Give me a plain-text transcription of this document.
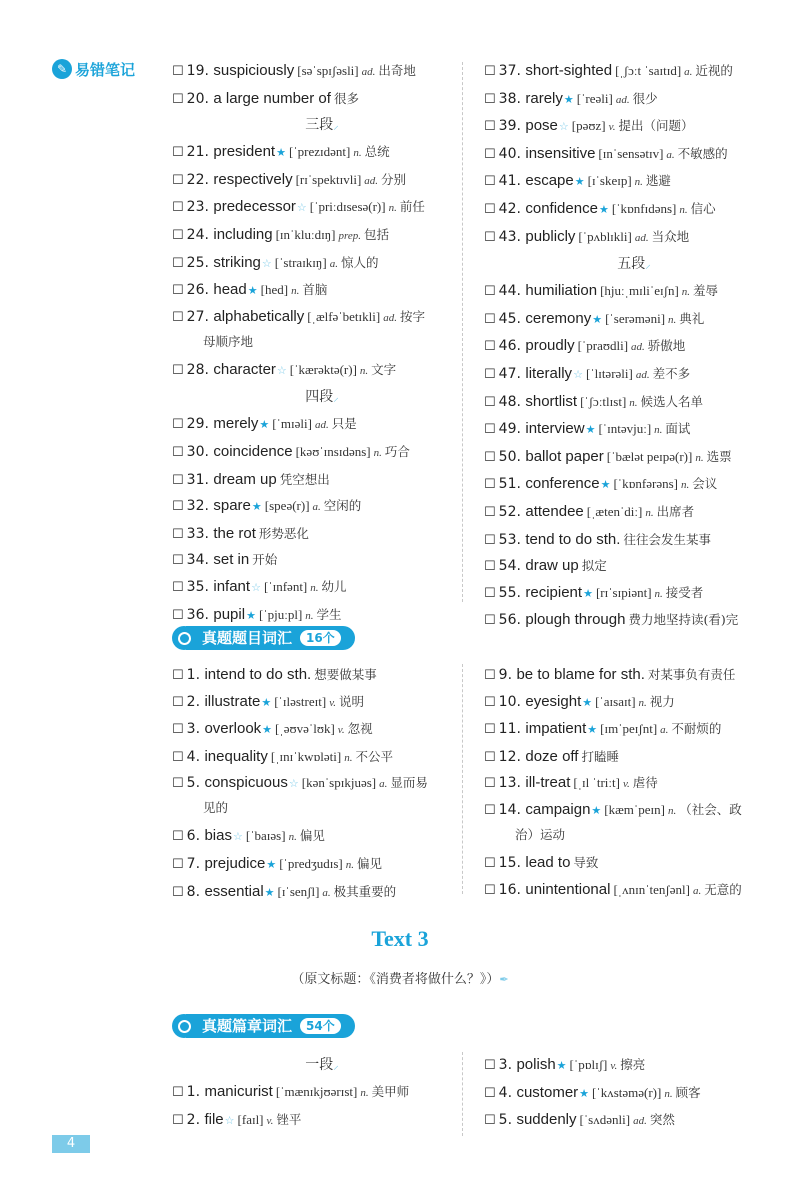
✎ 易错笔记	☐ 19. suspiciously [səˈspɪʃəsli] ad. 出奇地
☐ 20. a large number of 很多
三段⸝
☐ 21. president★ [ˈprezɪdənt] n. 总统
☐ 22. respectively [rɪˈspektɪvli] ad. 分别
☐ 23. predecessor☆ [ˈpriːdɪsesə(r)] n. 前任
☐ 24. including [ɪnˈkluːdɪŋ] prep. 包括
☐ 25. striking☆ [ˈstraɪkɪŋ] a. 惊人的
☐ 26. head★ [hed] n. 首脑
☐ 27. alphabetically [ˌælfəˈbetɪkli] ad. 按字
母顺序地
☐ 28. character☆ [ˈkærəktə(r)] n. 文字
四段⸝
☐ 29. merely★ [ˈmɪəli] ad. 只是
☐ 30. coincidence [kəʊˈɪnsɪdəns] n. 巧合
☐ 31. dream up 凭空想出
☐ 32. spare★ [speə(r)] a. 空闲的
☐ 33. the rot 形势恶化
☐ 34. set in 开始
☐ 35. infant☆ [ˈɪnfənt] n. 幼儿
☐ 36. pupil★ [ˈpjuːpl] n. 学生
☐ 37. short-sighted [ˌʃɔːt ˈsaɪtɪd] a. 近视的
☐ 38. rarely★ [ˈreəli] ad. 很少
☐ 39. pose☆ [pəʊz] v. 提出（问题）
☐ 40. insensitive [ɪnˈsensətɪv] a. 不敏感的
☐ 41. escape★ [ɪˈskeɪp] n. 逃避
☐ 42. confidence★ [ˈkɒnfɪdəns] n. 信心
☐ 43. publicly [ˈpʌblɪkli] ad. 当众地
五段⸝
☐ 44. humiliation [hjuːˌmɪliˈeɪʃn] n. 羞辱
☐ 45. ceremony★ [ˈserəməni] n. 典礼
☐ 46. proudly [ˈpraʊdli] ad. 骄傲地
☐ 47. literally☆ [ˈlɪtərəli] ad. 差不多
☐ 48. shortlist [ˈʃɔːtlɪst] n. 候选人名单
☐ 49. interview★ [ˈɪntəvjuː] n. 面试
☐ 50. ballot paper [ˈbælət peɪpə(r)] n. 选票
☐ 51. conference★ [ˈkɒnfərəns] n. 会议
☐ 52. attendee [ˌætenˈdiː] n. 出席者
☐ 53. tend to do sth. 往往会发生某事
☐ 54. draw up 拟定
☐ 55. recipient★ [rɪˈsɪpiənt] n. 接受者
☐ 56. plough through 费力地坚持读(看)完
真题题目词汇	16个
☐ 1. intend to do sth. 想要做某事
☐ 2. illustrate★ [ˈɪləstreɪt] v. 说明
☐ 3. overlook★ [ˌəʊvəˈlʊk] v. 忽视
☐ 4. inequality [ˌɪnɪˈkwɒləti] n. 不公平
☐ 5. conspicuous☆ [kənˈspɪkjuəs] a. 显而易
见的
☐ 6. bias☆ [ˈbaɪəs] n. 偏见
☐ 7. prejudice★ [ˈpredʒudɪs] n. 偏见
☐ 8. essential★ [ɪˈsenʃl] a. 极其重要的
☐ 9. be to blame for sth. 对某事负有责任
☐ 10. eyesight★ [ˈaɪsaɪt] n. 视力
☐ 11. impatient★ [ɪmˈpeɪʃnt] a. 不耐烦的
☐ 12. doze off 打瞌睡
☐ 13. ill-treat [ˌɪl ˈtriːt] v. 虐待
☐ 14. campaign★ [kæmˈpeɪn] n. （社会、政
治）运动
☐ 15. lead to 导致
☐ 16. unintentional [ˌʌnɪnˈtenʃənl] a. 无意的
Text 3
（原文标题：《消费者将做什么？》）✒
真题篇章词汇	54个
一段⸝
☐ 1. manicurist [ˈmænɪkjʊərɪst] n. 美甲师
☐ 2. file☆ [faɪl] v. 锉平
☐ 3. polish★ [ˈpɒlɪʃ] v. 擦亮
☐ 4. customer★ [ˈkʌstəmə(r)] n. 顾客
☐ 5. suddenly [ˈsʌdənli] ad. 突然
4
